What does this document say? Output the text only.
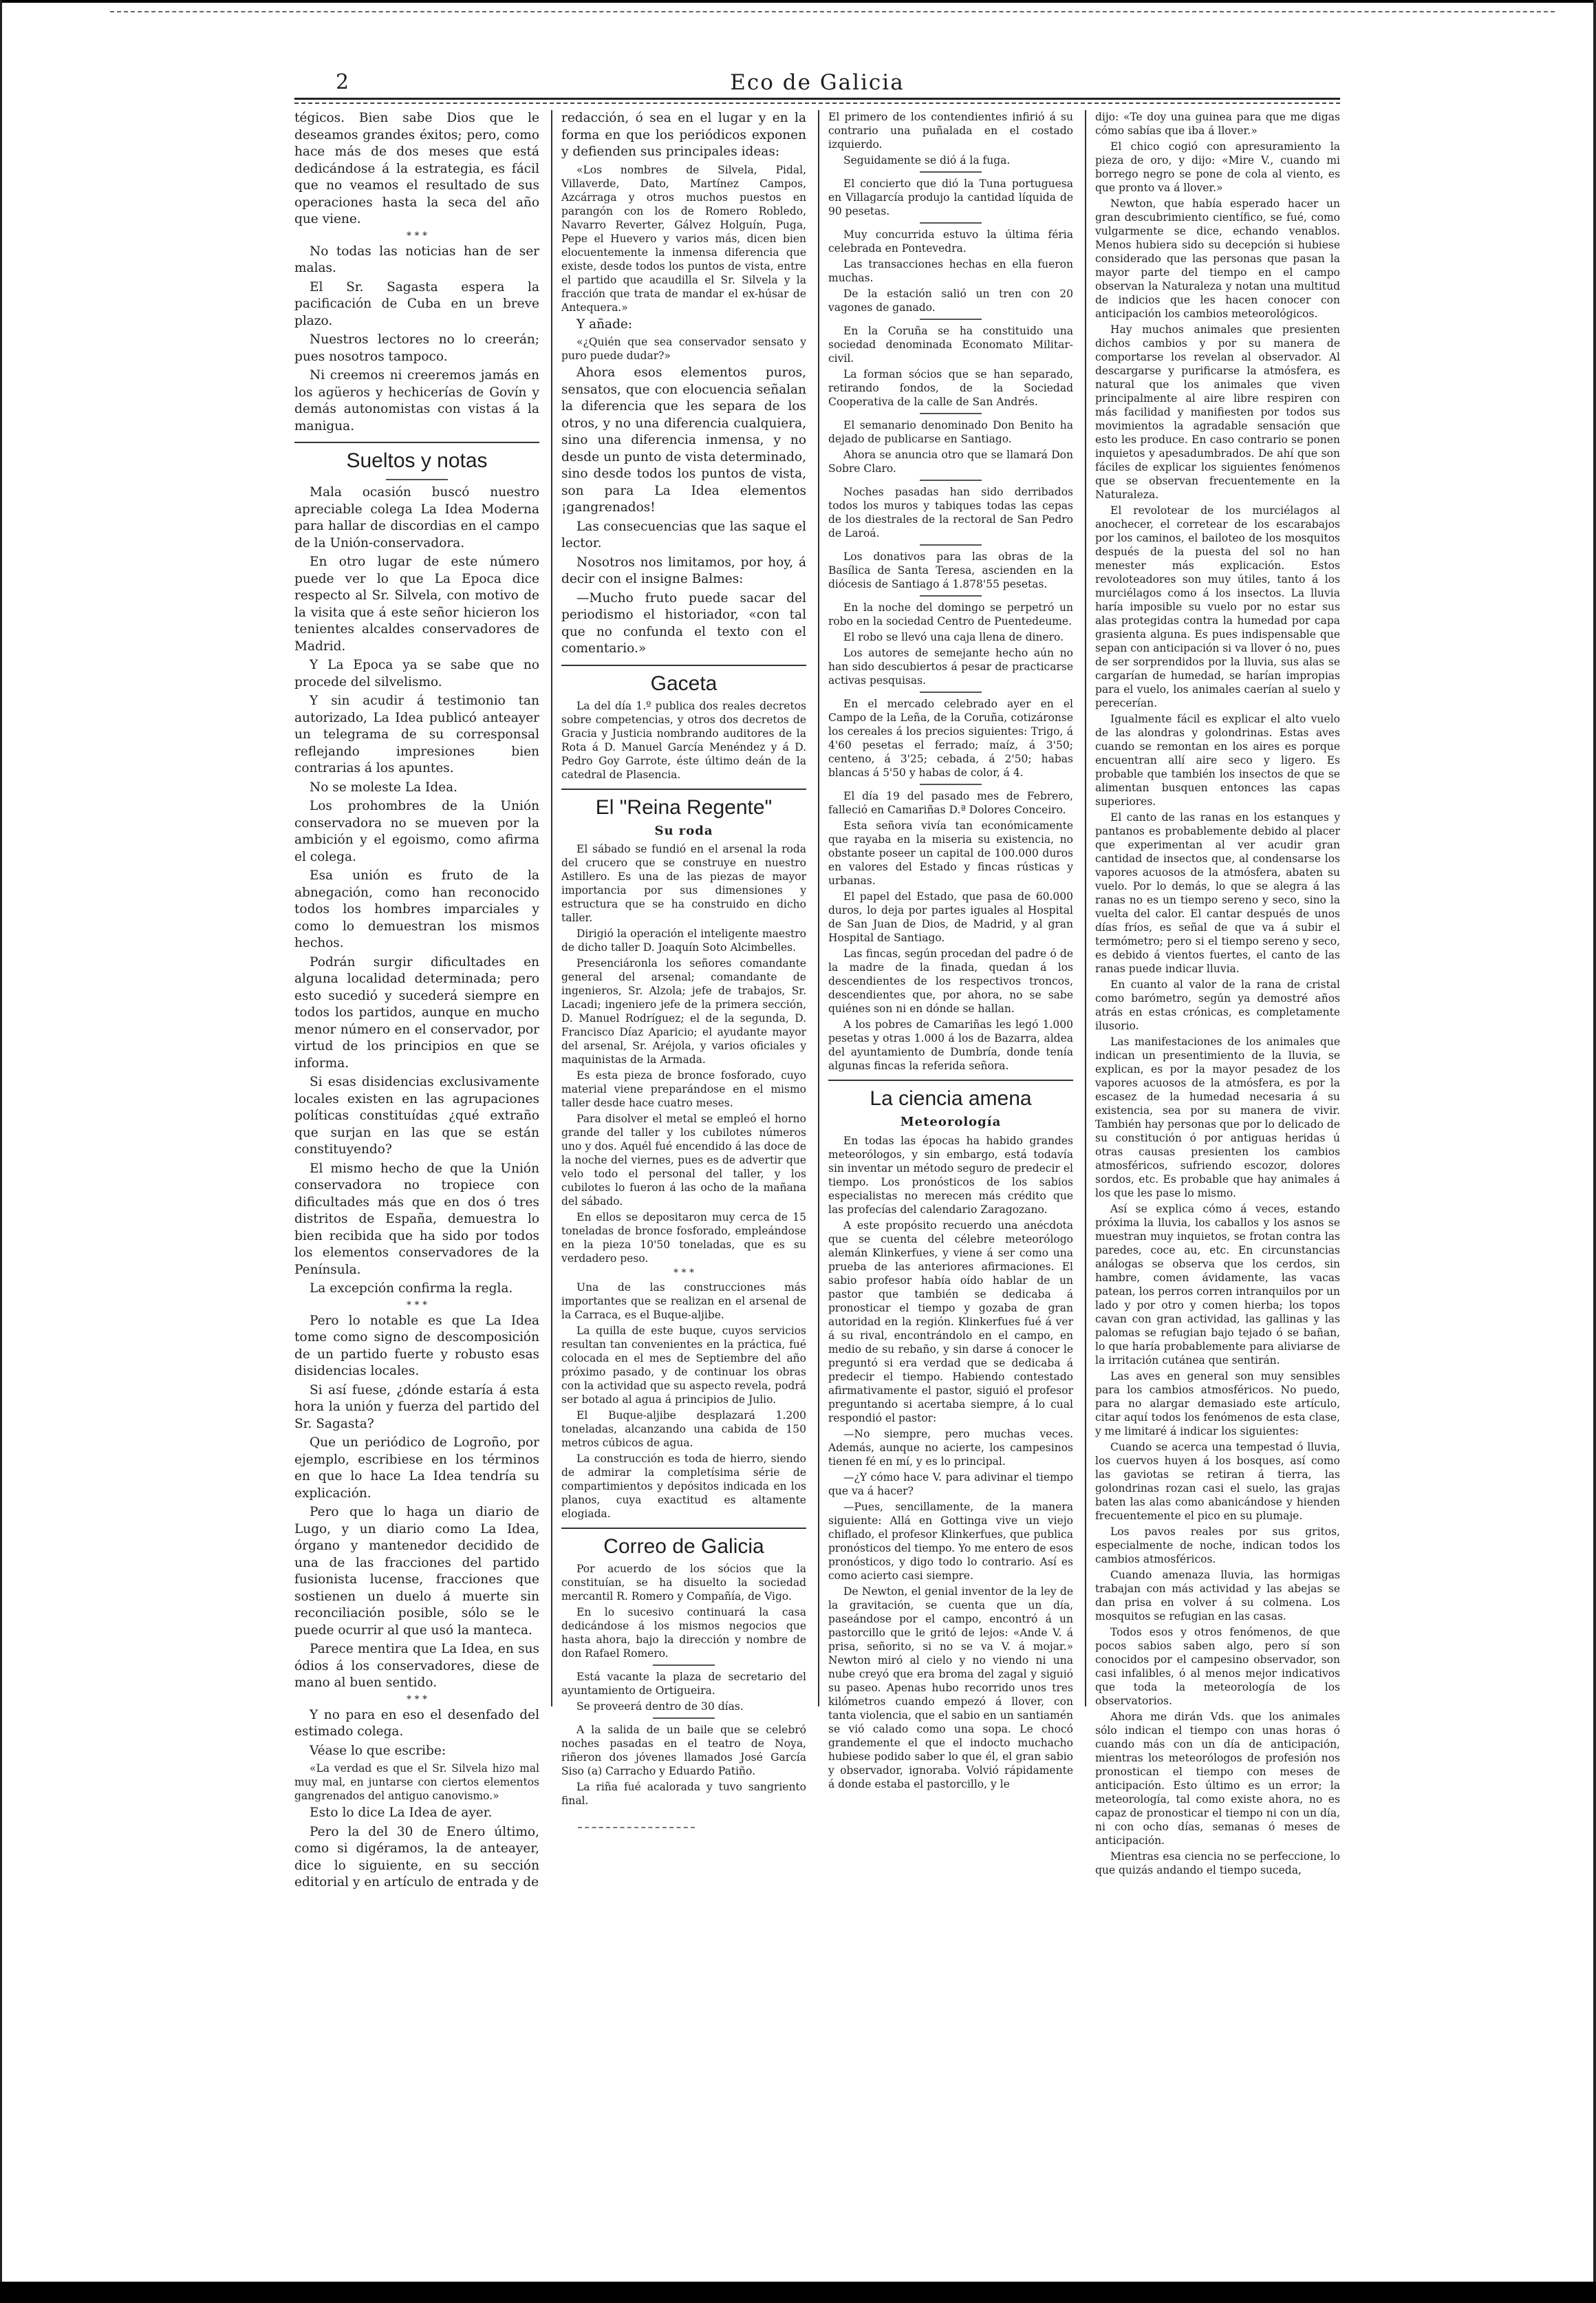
2	Eco de Galicia

tégicos. Bien sabe Dios que le deseamos grandes éxitos; pero, como hace más de dos meses que está dedicándose á la estrategia, es fácil que no veamos el resultado de sus operaciones hasta la seca del año que viene.

* * *

No todas las noticias han de ser malas.

El Sr. Sagasta espera la pacificación de Cuba en un breve plazo.

Nuestros lectores no lo creerán; pues nosotros tampoco.

Ni creemos ni creeremos jamás en los agüeros y hechicerías de Govín y demás autonomistas con vistas á la manigua.

Sueltos y notas

Mala ocasión buscó nuestro apreciable colega La Idea Moderna para hallar de discordias en el campo de la Unión-conservadora.

En otro lugar de este número puede ver lo que La Epoca dice respecto al Sr. Silvela, con motivo de la visita que á este señor hicieron los tenientes alcaldes conservadores de Madrid.

Y La Epoca ya se sabe que no procede del silvelismo.

Y sin acudir á testimonio tan autorizado, La Idea publicó anteayer un telegrama de su corresponsal reflejando impresiones bien contrarias á los apuntes.

No se moleste La Idea.

Los prohombres de la Unión conservadora no se mueven por la ambición y el egoismo, como afirma el colega.

Esa unión es fruto de la abnegación, como han reconocido todos los hombres imparciales y como lo demuestran los mismos hechos.

Podrán surgir dificultades en alguna localidad determinada; pero esto sucedió y sucederá siempre en todos los partidos, aunque en mucho menor número en el conservador, por virtud de los principios en que se informa.

Si esas disidencias exclusivamente locales existen en las agrupaciones políticas constituídas ¿qué extraño que surjan en las que se están constituyendo?

El mismo hecho de que la Unión conservadora no tropiece con dificultades más que en dos ó tres distritos de España, demuestra lo bien recibida que ha sido por todos los elementos conservadores de la Península.

La excepción confirma la regla.

* * *

Pero lo notable es que La Idea tome como signo de descomposición de un partido fuerte y robusto esas disidencias locales.

Si así fuese, ¿dónde estaría á esta hora la unión y fuerza del partido del Sr. Sagasta?

Que un periódico de Logroño, por ejemplo, escribiese en los términos en que lo hace La Idea tendría su explicación.

Pero que lo haga un diario de Lugo, y un diario como La Idea, órgano y mantenedor decidido de una de las fracciones del partido fusionista lucense, fracciones que sostienen un duelo á muerte sin reconciliación posible, sólo se le puede ocurrir al que usó la manteca.

Parece mentira que La Idea, en sus ódios á los conservadores, diese de mano al buen sentido.

* * *

Y no para en eso el desenfado del estimado colega.

Véase lo que escribe:

«La verdad es que el Sr. Silvela hizo mal muy mal, en juntarse con ciertos elementos gangrenados del antiguo canovismo.»

Esto lo dice La Idea de ayer.

Pero la del 30 de Enero último, como si digéramos, la de anteayer, dice lo siguiente, en su sección editorial y en artículo de entrada y de

redacción, ó sea en el lugar y en la forma en que los periódicos exponen y defienden sus principales ideas:

«Los nombres de Silvela, Pidal, Villaverde, Dato, Martínez Campos, Azcárraga y otros muchos puestos en parangón con los de Romero Robledo, Navarro Reverter, Gálvez Holguín, Puga, Pepe el Huevero y varios más, dicen bien elocuentemente la inmensa diferencia que existe, desde todos los puntos de vista, entre el partido que acaudilla el Sr. Silvela y la fracción que trata de mandar el ex-húsar de Antequera.»

Y añade:

«¿Quién que sea conservador sensato y puro puede dudar?»

Ahora esos elementos puros, sensatos, que con elocuencia señalan la diferencia que les separa de los otros, y no una diferencia cualquiera, sino una diferencia inmensa, y no desde un punto de vista determinado, sino desde todos los puntos de vista, son para La Idea elementos ¡gangrenados!

Las consecuencias que las saque el lector.

Nosotros nos limitamos, por hoy, á decir con el insigne Balmes:

—Mucho fruto puede sacar del periodismo el historiador, «con tal que no confunda el texto con el comentario.»

Gaceta

La del día 1.º publica dos reales decretos sobre competencias, y otros dos decretos de Gracia y Justicia nombrando auditores de la Rota á D. Manuel García Menéndez y á D. Pedro Goy Garrote, éste último deán de la catedral de Plasencia.

El "Reina Regente"
Su roda

El sábado se fundió en el arsenal la roda del crucero que se construye en nuestro Astillero. Es una de las piezas de mayor importancia por sus dimensiones y estructura que se ha construido en dicho taller.

Dirigió la operación el inteligente maestro de dicho taller D. Joaquín Soto Alcimbelles.

Presenciáronla los señores comandante general del arsenal; comandante de ingenieros, Sr. Alzola; jefe de trabajos, Sr. Lacadi; ingeniero jefe de la primera sección, D. Manuel Rodríguez; el de la segunda, D. Francisco Díaz Aparicio; el ayudante mayor del arsenal, Sr. Aréjola, y varios oficiales y maquinistas de la Armada.

Es esta pieza de bronce fosforado, cuyo material viene preparándose en el mismo taller desde hace cuatro meses.

Para disolver el metal se empleó el horno grande del taller y los cubilotes números uno y dos. Aquél fué encendido á las doce de la noche del viernes, pues es de advertir que velo todo el personal del taller, y los cubilotes lo fueron á las ocho de la mañana del sábado.

En ellos se depositaron muy cerca de 15 toneladas de bronce fosforado, empleándose en la pieza 10'50 toneladas, que es su verdadero peso.

* * *

Una de las construcciones más importantes que se realizan en el arsenal de la Carraca, es el Buque-aljibe.

La quilla de este buque, cuyos servicios resultan tan convenientes en la práctica, fué colocada en el mes de Septiembre del año próximo pasado, y de continuar los obras con la actividad que su aspecto revela, podrá ser botado al agua á principios de Julio.

El Buque-aljibe desplazará 1.200 toneladas, alcanzando una cabida de 150 metros cúbicos de agua.

La construcción es toda de hierro, siendo de admirar la completísima série de compartimientos y depósitos indicada en los planos, cuya exactitud es altamente elogiada.

Correo de Galicia

Por acuerdo de los sócios que la constituían, se ha disuelto la sociedad mercantil R. Romero y Compañía, de Vigo.

En lo sucesivo continuará la casa dedicándose á los mismos negocios que hasta ahora, bajo la dirección y nombre de don Rafael Romero.

Está vacante la plaza de secretario del ayuntamiento de Ortigueira.

Se proveerá dentro de 30 días.

A la salida de un baile que se celebró noches pasadas en el teatro de Noya, riñeron dos jóvenes llamados José García Siso (a) Carracho y Eduardo Patiño.

La riña fué acalorada y tuvo sangriento final.

El primero de los contendientes infirió á su contrario una puñalada en el costado izquierdo.

Seguidamente se dió á la fuga.

El concierto que dió la Tuna portuguesa en Villagarcía produjo la cantidad líquida de 90 pesetas.

Muy concurrida estuvo la última féria celebrada en Pontevedra.

Las transacciones hechas en ella fueron muchas.

De la estación salió un tren con 20 vagones de ganado.

En la Coruña se ha constituido una sociedad denominada Economato Militar-civil.

La forman sócios que se han separado, retirando fondos, de la Sociedad Cooperativa de la calle de San Andrés.

El semanario denominado Don Benito ha dejado de publicarse en Santiago.

Ahora se anuncia otro que se llamará Don Sobre Claro.

Noches pasadas han sido derribados todos los muros y tabiques todas las cepas de los diestrales de la rectoral de San Pedro de Laroá.

Los donativos para las obras de la Basílica de Santa Teresa, ascienden en la diócesis de Santiago á 1.878'55 pesetas.

En la noche del domingo se perpetró un robo en la sociedad Centro de Puentedeume.

El robo se llevó una caja llena de dinero.

Los autores de semejante hecho aún no han sido descubiertos á pesar de practicarse activas pesquisas.

En el mercado celebrado ayer en el Campo de la Leña, de la Coruña, cotizáronse los cereales á los precios siguientes: Trigo, á 4'60 pesetas el ferrado; maíz, á 3'50; centeno, á 3'25; cebada, á 2'50; habas blancas á 5'50 y habas de color, á 4.

El día 19 del pasado mes de Febrero, falleció en Camariñas D.ª Dolores Conceiro.

Esta señora vivía tan económicamente que rayaba en la miseria su existencia, no obstante poseer un capital de 100.000 duros en valores del Estado y fincas rústicas y urbanas.

El papel del Estado, que pasa de 60.000 duros, lo deja por partes iguales al Hospital de San Juan de Dios, de Madrid, y al gran Hospital de Santiago.

Las fincas, según procedan del padre ó de la madre de la finada, quedan á los descendientes de los respectivos troncos, descendientes que, por ahora, no se sabe quiénes son ni en dónde se hallan.

A los pobres de Camariñas les legó 1.000 pesetas y otras 1.000 á los de Bazarra, aldea del ayuntamiento de Dumbría, donde tenía algunas fincas la referida señora.

La ciencia amena
Meteorología

En todas las épocas ha habido grandes meteorólogos, y sin embargo, está todavía sin inventar un método seguro de predecir el tiempo. Los pronósticos de los sabios especialistas no merecen más crédito que las profecías del calendario Zaragozano.

A este propósito recuerdo una anécdota que se cuenta del célebre meteorólogo alemán Klinkerfues, y viene á ser como una prueba de las anteriores afirmaciones. El sabio profesor había oído hablar de un pastor que también se dedicaba á pronosticar el tiempo y gozaba de gran autoridad en la región. Klinkerfues fué á ver á su rival, encontrándolo en el campo, en medio de su rebaño, y sin darse á conocer le preguntó si era verdad que se dedicaba á predecir el tiempo. Habiendo contestado afirmativamente el pastor, siguió el profesor preguntando si acertaba siempre, á lo cual respondió el pastor:

—No siempre, pero muchas veces. Además, aunque no acierte, los campesinos tienen fé en mí, y es lo principal.

—¿Y cómo hace V. para adivinar el tiempo que va á hacer?

—Pues, sencillamente, de la manera siguiente: Allá en Gottinga vive un viejo chiflado, el profesor Klinkerfues, que publica pronósticos del tiempo. Yo me entero de esos pronósticos, y digo todo lo contrario. Así es como acierto casi siempre.

De Newton, el genial inventor de la ley de la gravitación, se cuenta que un día, paseándose por el campo, encontró á un pastorcillo que le gritó de lejos: «Ande V. á prisa, señorito, si no se va V. á mojar.» Newton miró al cielo y no viendo ni una nube creyó que era broma del zagal y siguió su paseo. Apenas hubo recorrido unos tres kilómetros cuando empezó á llover, con tanta violencia, que el sabio en un santiamén se vió calado como una sopa. Le chocó grandemente el que el indocto muchacho hubiese podido saber lo que él, el gran sabio y observador, ignoraba. Volvió rápidamente á donde estaba el pastorcillo, y le

dijo: «Te doy una guinea para que me digas cómo sabías que iba á llover.»

El chico cogió con apresuramiento la pieza de oro, y dijo: «Mire V., cuando mi borrego negro se pone de cola al viento, es que pronto va á llover.»

Newton, que había esperado hacer un gran descubrimiento científico, se fué, como vulgarmente se dice, echando venablos. Menos hubiera sido su decepción si hubiese considerado que las personas que pasan la mayor parte del tiempo en el campo observan la Naturaleza y notan una multitud de indicios que les hacen conocer con anticipación los cambios meteorológicos.

Hay muchos animales que presienten dichos cambios y por su manera de comportarse los revelan al observador. Al descargarse y purificarse la atmósfera, es natural que los animales que viven principalmente al aire libre respiren con más facilidad y manifiesten por todos sus movimientos la agradable sensación que esto les produce. En caso contrario se ponen inquietos y apesadumbrados. De ahí que son fáciles de explicar los siguientes fenómenos que se observan frecuentemente en la Naturaleza.

El revolotear de los murciélagos al anochecer, el corretear de los escarabajos por los caminos, el bailoteo de los mosquitos después de la puesta del sol no han menester más explicación. Estos revoloteadores son muy útiles, tanto á los murciélagos como á los insectos. La lluvia haría imposible su vuelo por no estar sus alas protegidas contra la humedad por capa grasienta alguna. Es pues indispensable que sepan con anticipación si va llover ó no, pues de ser sorprendidos por la lluvia, sus alas se cargarían de humedad, se harían impropias para el vuelo, los animales caerían al suelo y perecerían.

Igualmente fácil es explicar el alto vuelo de las alondras y golondrinas. Estas aves cuando se remontan en los aires es porque encuentran allí aire seco y ligero. Es probable que también los insectos de que se alimentan busquen entonces las capas superiores.

El canto de las ranas en los estanques y pantanos es probablemente debido al placer que experimentan al ver acudir gran cantidad de insectos que, al condensarse los vapores acuosos de la atmósfera, abaten su vuelo. Por lo demás, lo que se alegra á las ranas no es un tiempo sereno y seco, sino la vuelta del calor. El cantar después de unos días fríos, es señal de que va á subir el termómetro; pero si el tiempo sereno y seco, es debido á vientos fuertes, el canto de las ranas puede indicar lluvia.

En cuanto al valor de la rana de cristal como barómetro, según ya demostré años atrás en estas crónicas, es completamente ilusorio.

Las manifestaciones de los animales que indican un presentimiento de la lluvia, se explican, es por la mayor pesadez de los vapores acuosos de la atmósfera, es por la escasez de la humedad necesaria á su existencia, sea por su manera de vivir. También hay personas que por lo delicado de su constitución ó por antiguas heridas ú otras causas presienten los cambios atmosféricos, sufriendo escozor, dolores sordos, etc. Es probable que hay animales á los que les pase lo mismo.

Así se explica cómo á veces, estando próxima la lluvia, los caballos y los asnos se muestran muy inquietos, se frotan contra las paredes, coce au, etc. En circunstancias análogas se observa que los cerdos, sin hambre, comen ávidamente, las vacas patean, los perros corren intranquilos por un lado y por otro y comen hierba; los topos cavan con gran actividad, las gallinas y las palomas se refugian bajo tejado ó se bañan, lo que haría probablemente para aliviarse de la irritación cutánea que sentirán.

Las aves en general son muy sensibles para los cambios atmosféricos. No puedo, para no alargar demasiado este artículo, citar aquí todos los fenómenos de esta clase, y me limitaré á indicar los siguientes:

Cuando se acerca una tempestad ó lluvia, los cuervos huyen á los bosques, así como las gaviotas se retiran á tierra, las golondrinas rozan casi el suelo, las grajas baten las alas como abanicándose y hienden frecuentemente el pico en su plumaje.

Los pavos reales por sus gritos, especialmente de noche, indican todos los cambios atmosféricos.

Cuando amenaza lluvia, las hormigas trabajan con más actividad y las abejas se dan prisa en volver á su colmena. Los mosquitos se refugian en las casas.

Todos esos y otros fenómenos, de que pocos sabios saben algo, pero sí son conocidos por el campesino observador, son casi infalibles, ó al menos mejor indicativos que toda la meteorología de los observatorios.

Ahora me dirán Vds. que los animales sólo indican el tiempo con unas horas ó cuando más con un día de anticipación, mientras los meteorólogos de profesión nos pronostican el tiempo con meses de anticipación. Esto último es un error; la meteorología, tal como existe ahora, no es capaz de pronosticar el tiempo ni con un día, ni con ocho días, semanas ó meses de anticipación.

Mientras esa ciencia no se perfeccione, lo que quizás andando el tiempo suceda,
